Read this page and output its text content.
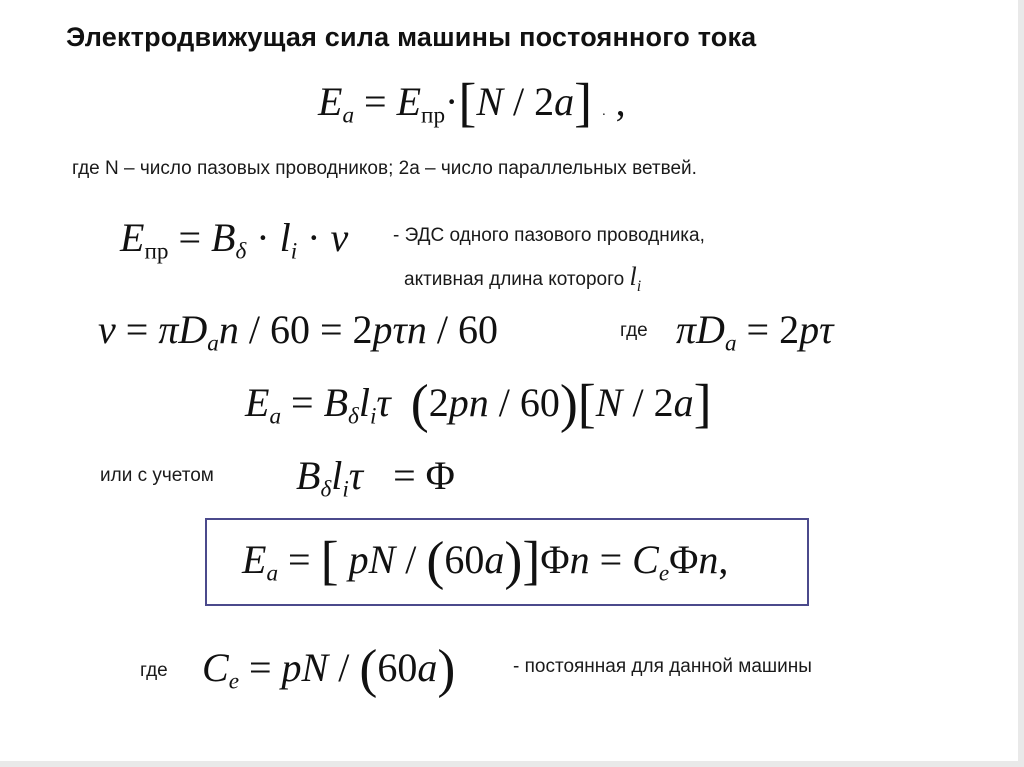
Электродвижущая сила машины постоянного тока
$E_a = E_{пр}\cdot[N / 2a]$ . ,
где N – число пазовых проводников; 2a – число параллельных ветвей.
$E_{пр} = B_\delta \cdot l_i \cdot v$ - ЭДС одного пазового проводника,
активная длина которого $l_i$
$v = \pi D_an / 60 = 2p\tau n / 60$	где $\pi D_a = 2p\tau$
$E_a = B_\delta l_i\tau$ (2pn / 60)[N / 2a]
или с учетом $B_\delta l_i\tau = \Phi$
$E_a$ = [ pN / $(60a)]\Phi n = C_e\Phi n$,
где $C_e$ = pN / (60a)	- постоянная для данной машины
